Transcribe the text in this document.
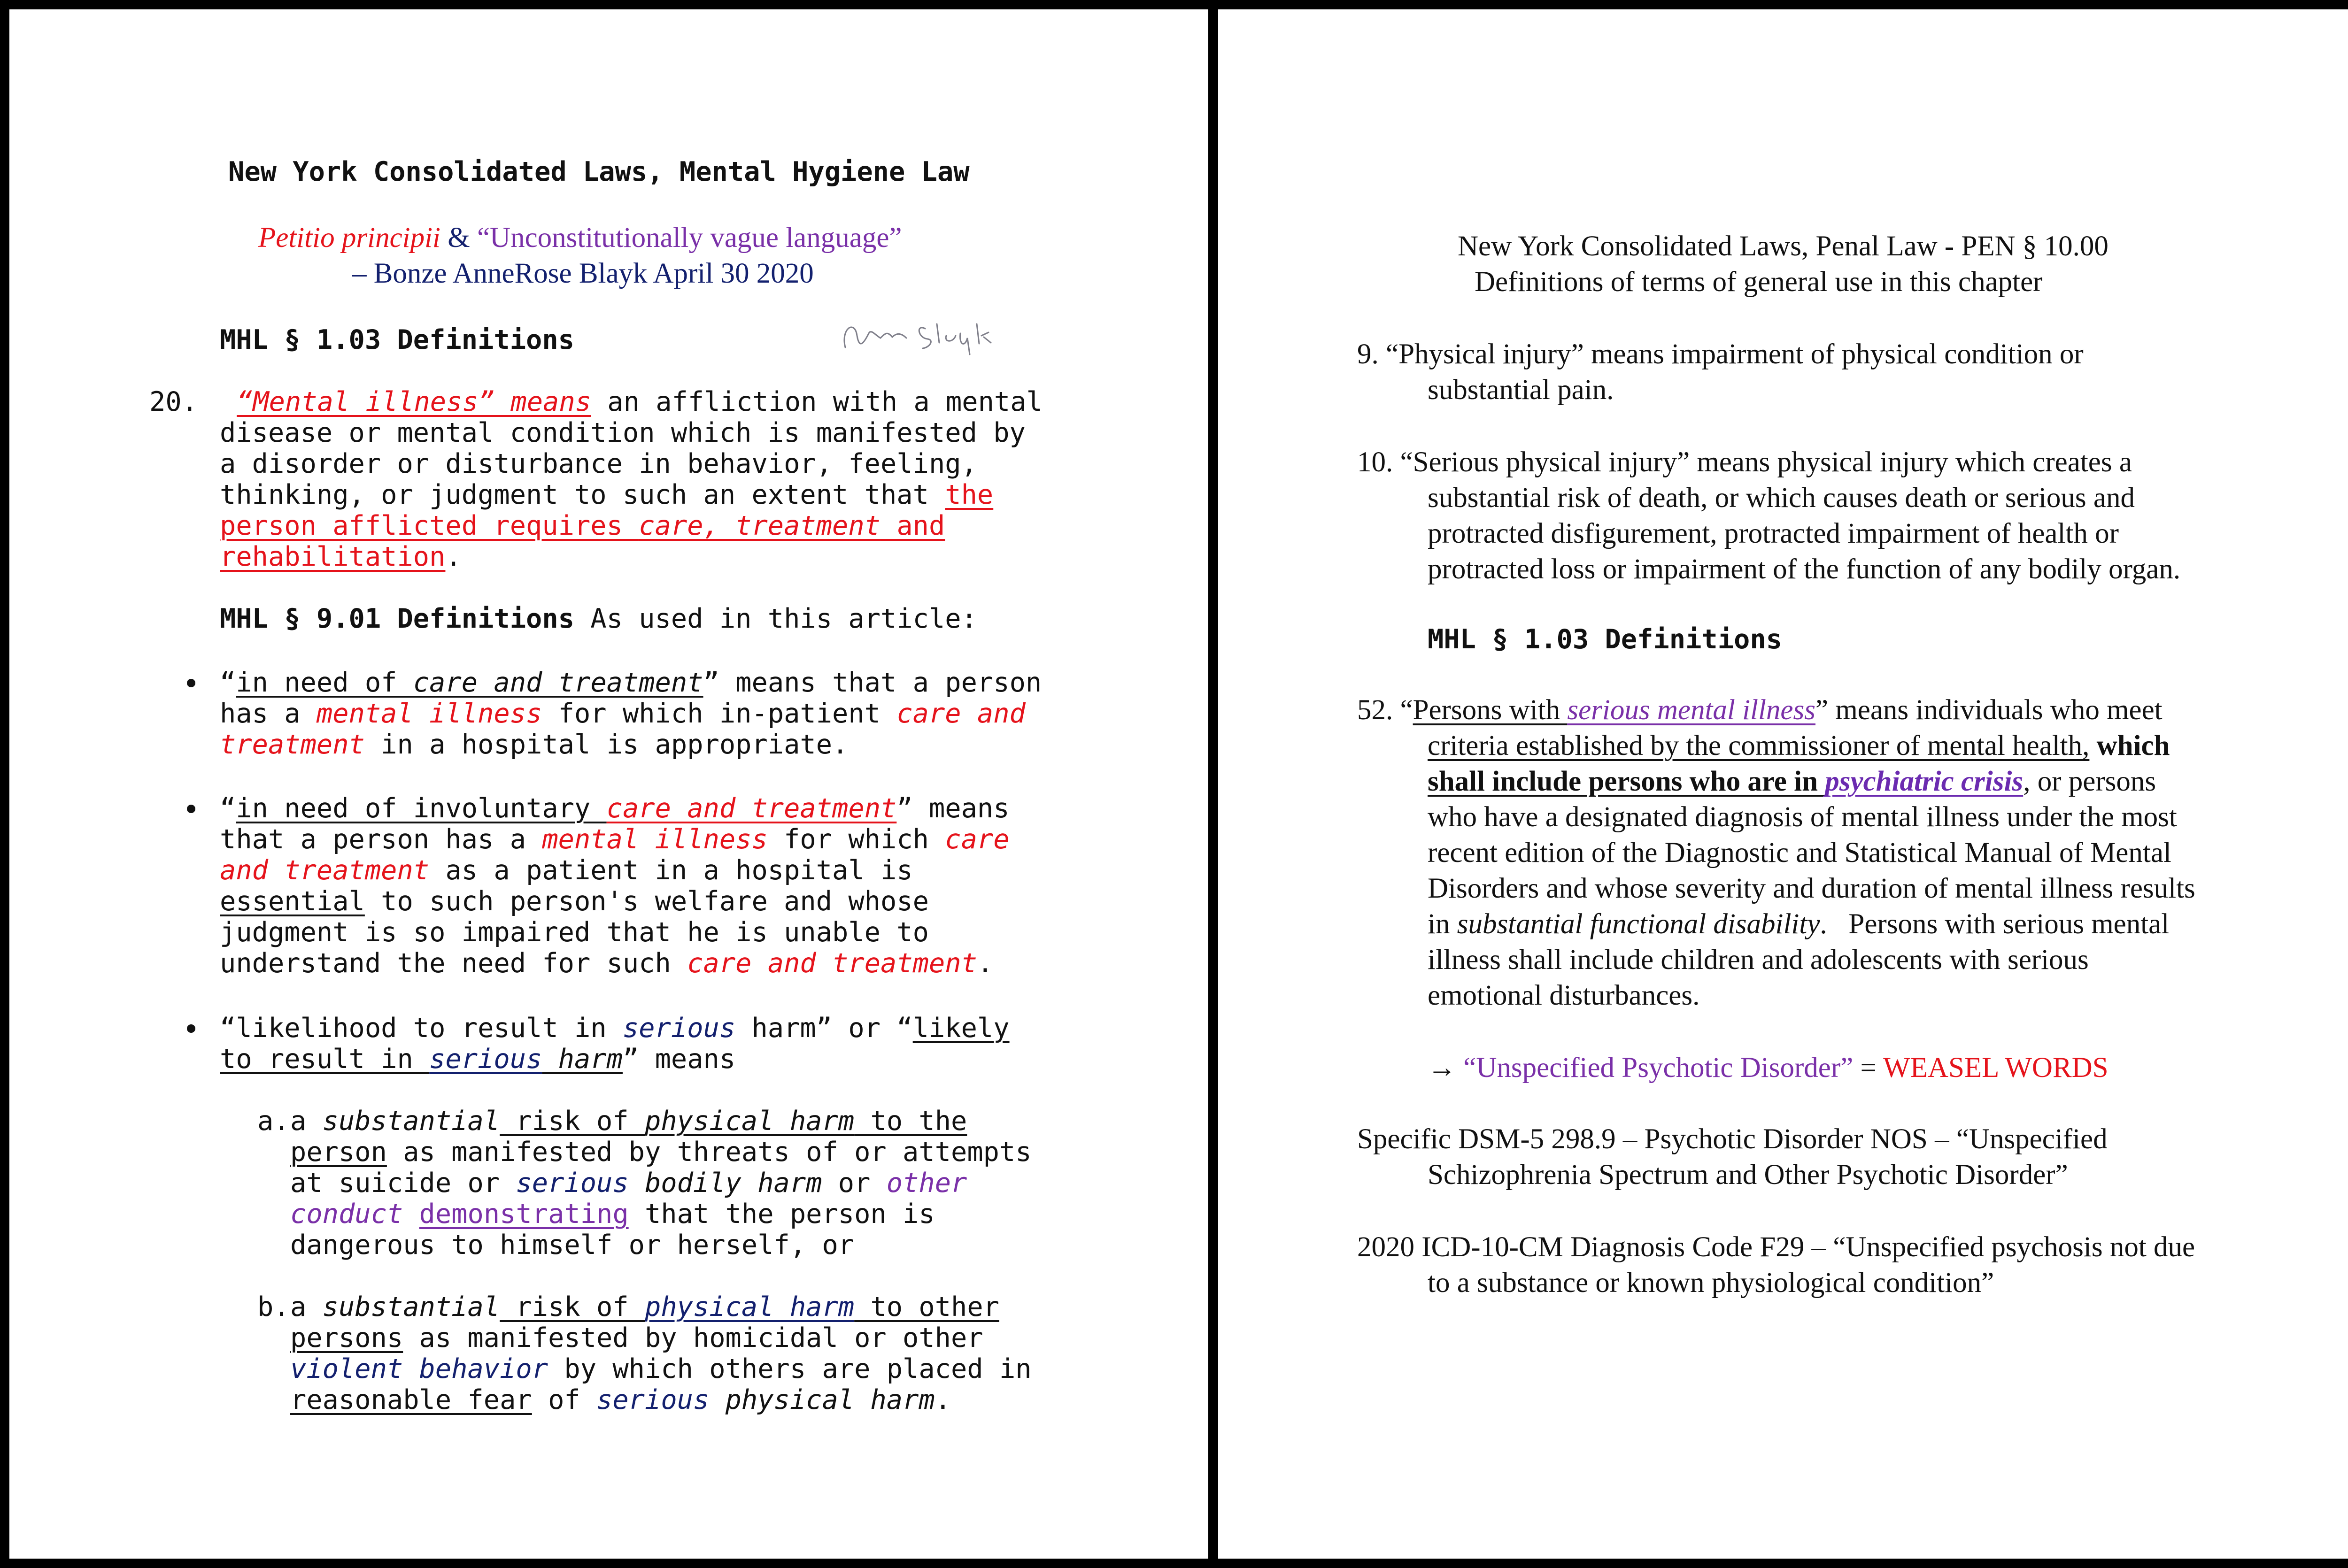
New York Consolidated Laws, Mental Hygiene Law
Petitio principii & “Unconstitutionally vague language”
– Bonze AnneRose Blayk April 30 2020
MHL § 1.03 Definitions
20. “Mental illness” means an affliction with a mental
disease or mental condition which is manifested by
a disorder or disturbance in behavior, feeling,
thinking, or judgment to such an extent that the
person afflicted requires care, treatment and
rehabilitation.
MHL § 9.01 Definitions As used in this article:
“in need of care and treatment” means that a person
has a mental illness for which in-patient care and
treatment in a hospital is appropriate.
“in need of involuntary care and treatment” means
that a person has a mental illness for which care
and treatment as a patient in a hospital is
essential to such person's welfare and whose
judgment is so impaired that he is unable to
understand the need for such care and treatment.
“likelihood to result in serious harm” or “likely
to result in serious harm” means
a. a substantial risk of physical harm to the
person as manifested by threats of or attempts
at suicide or serious bodily harm or other
conduct demonstrating that the person is
dangerous to himself or herself, or
b. a substantial risk of physical harm to other
persons as manifested by homicidal or other
violent behavior by which others are placed in
reasonable fear of serious physical harm.
New York Consolidated Laws, Penal Law - PEN § 10.00
Definitions of terms of general use in this chapter
9. “Physical injury” means impairment of physical condition or
substantial pain.
10. “Serious physical injury” means physical injury which creates a
substantial risk of death, or which causes death or serious and
protracted disfigurement, protracted impairment of health or
protracted loss or impairment of the function of any bodily organ.
MHL § 1.03 Definitions
52. “Persons with serious mental illness” means individuals who meet
criteria established by the commissioner of mental health, which
shall include persons who are in psychiatric crisis, or persons
who have a designated diagnosis of mental illness under the most
recent edition of the Diagnostic and Statistical Manual of Mental
Disorders and whose severity and duration of mental illness results
in substantial functional disability.   Persons with serious mental
illness shall include children and adolescents with serious
emotional disturbances.
→ “Unspecified Psychotic Disorder” = WEASEL WORDS
Specific DSM-5 298.9 – Psychotic Disorder NOS – “Unspecified
Schizophrenia Spectrum and Other Psychotic Disorder”
2020 ICD-10-CM Diagnosis Code F29 – “Unspecified psychosis not due
to a substance or known physiological condition”
